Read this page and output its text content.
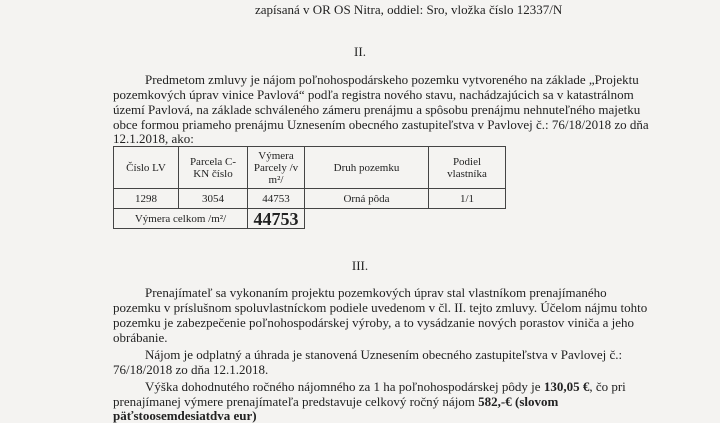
zapísaná v OR OS Nitra, oddiel: Sro, vložka číslo 12337/N
II.
Predmetom zmluvy je nájom poľnohospodárskeho pozemku vytvoreného na základe „Projektu
pozemkových úprav vinice Pavlová“ podľa registra nového stavu, nachádzajúcich sa v katastrálnom
území Pavlová, na základe schváleného zámeru prenájmu a spôsobu prenájmu nehnuteľného majetku
obce formou priameho prenájmu Uznesením obecného zastupiteľstva v Pavlovej č.: 76/18/2018 zo dňa
12.1.2018, ako:
Číslo LV	Parcela C-KN číslo	Výmera Parcely /v m²/	Druh pozemku	Podiel vlastníka
1298	3054	44753	Orná pôda	1/1
Výmera celkom /m²/		44753		
III.
Prenajímateľ sa vykonaním projektu pozemkových úprav stal vlastníkom prenajímaného
pozemku v príslušnom spoluvlastníckom podiele uvedenom v čl. II. tejto zmluvy. Účelom nájmu tohto
pozemku je zabezpečenie poľnohospodárskej výroby, a to vysádzanie nových porastov viniča a jeho
obrábanie.
Nájom je odplatný a úhrada je stanovená Uznesením obecného zastupiteľstva v Pavlovej č.:
76/18/2018 zo dňa 12.1.2018.
Výška dohodnutého ročného nájomného za 1 ha poľnohospodárskej pôdy je 130,05 €, čo pri
prenajímanej výmere prenajímateľa predstavuje celkový ročný nájom 582,-€ (slovom
päťstoosemdesiatdva eur)
